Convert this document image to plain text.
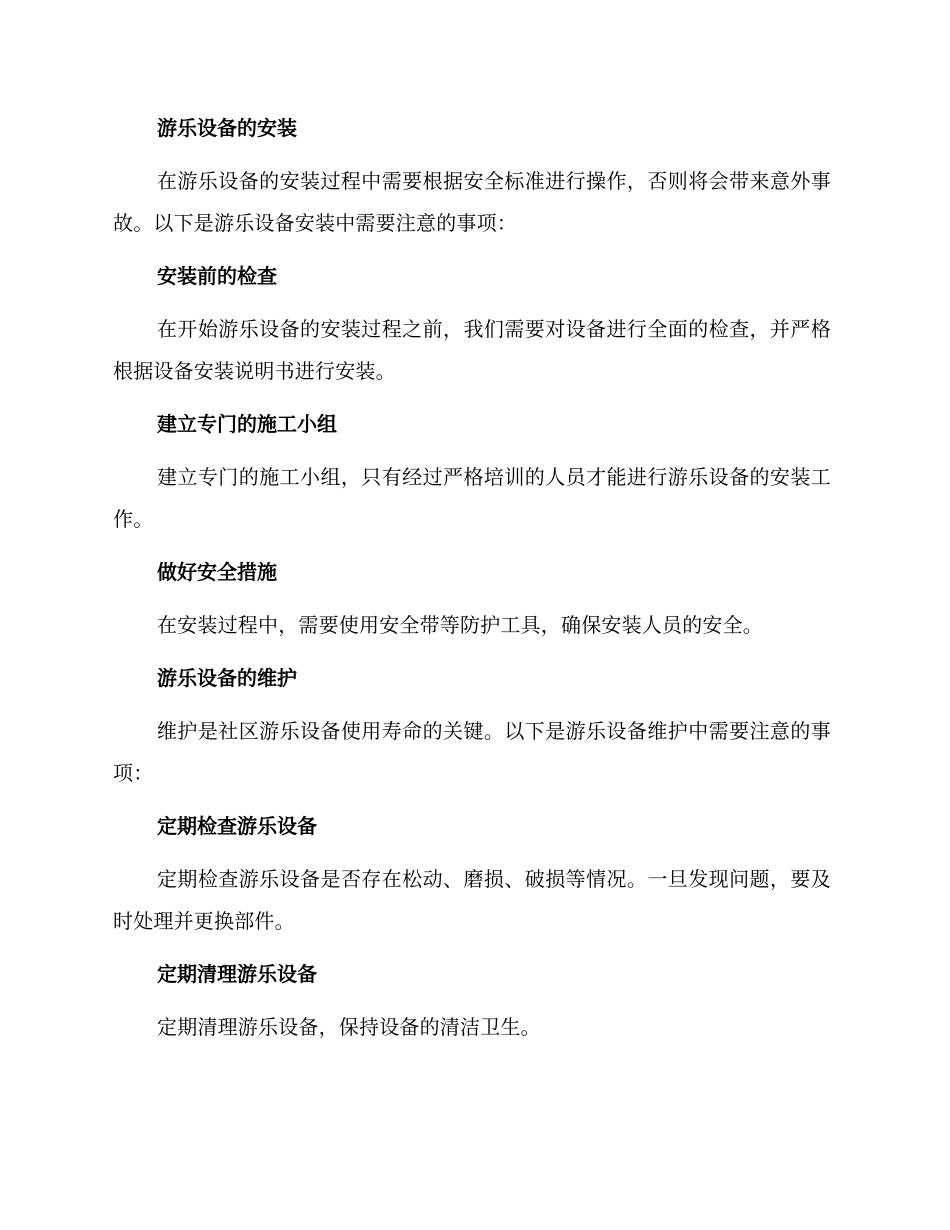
游乐设备的安装

在游乐设备的安装过程中需要根据安全标准进行操作，否则将会带来意外事故。以下是游乐设备安装中需要注意的事项：

安装前的检查

在开始游乐设备的安装过程之前，我们需要对设备进行全面的检查，并严格根据设备安装说明书进行安装。

建立专门的施工小组

建立专门的施工小组，只有经过严格培训的人员才能进行游乐设备的安装工作。

做好安全措施

在安装过程中，需要使用安全带等防护工具，确保安装人员的安全。

游乐设备的维护

维护是社区游乐设备使用寿命的关键。以下是游乐设备维护中需要注意的事项：

定期检查游乐设备

定期检查游乐设备是否存在松动、磨损、破损等情况。一旦发现问题，要及时处理并更换部件。

定期清理游乐设备

定期清理游乐设备，保持设备的清洁卫生。
